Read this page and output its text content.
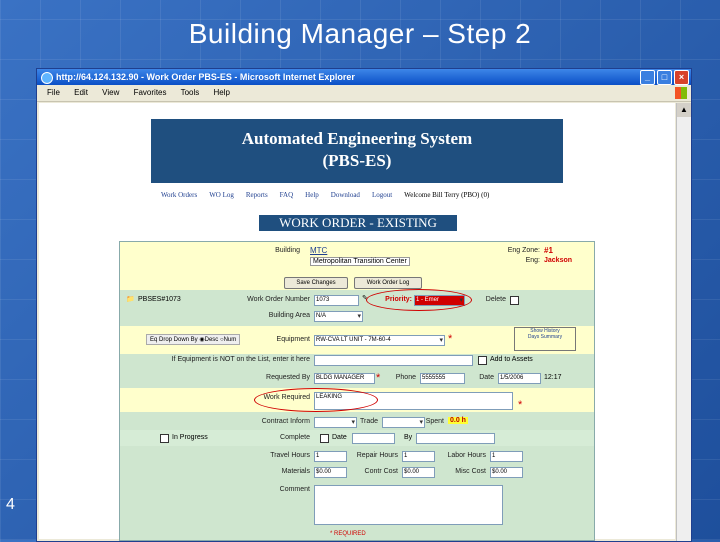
Building Manager – Step 2
http://64.124.132.90 - Work Order PBS-ES - Microsoft Internet Explorer	_	□	×
File Edit View Favorites Tools Help
Automated Engineering System
(PBS-ES)
Work Orders WO Log Reports FAQ Help Download Logout Welcome Bill Terry (PBO) (0)
WORK ORDER - EXISTING
Building MTC
Metropolitan Transition Center
Eng Zone: #1
Eng: Jackson
Save Changes	Work Order Log
📁 PBSES#1073	Work Order Number	1073	✎	Priority: 1 - Emer ▾	Delete
Building Area	N/A ▾
Eq Drop Down By ◉Desc ○Num	Equipment	RW-CVA LT UNIT - 7M-60-4 ▾	*
Show History
Days Summary
If Equipment is NOT on the List, enter it here	Add to Assets
Requested By	BLDG MANAGER	*	Phone	5555555	Date	1/5/2006	12:17
Work Required	LEAKING
*
Contract Inform ▾	Trade ▾	Spent 0.0 h
In Progress	Complete	Date	By
Travel Hours	1	Repair Hours	1	Labor Hours	1
Materials	$0.00	Contr Cost	$0.00	Misc Cost	$0.00
Comment
* REQUIRED
▲
4
